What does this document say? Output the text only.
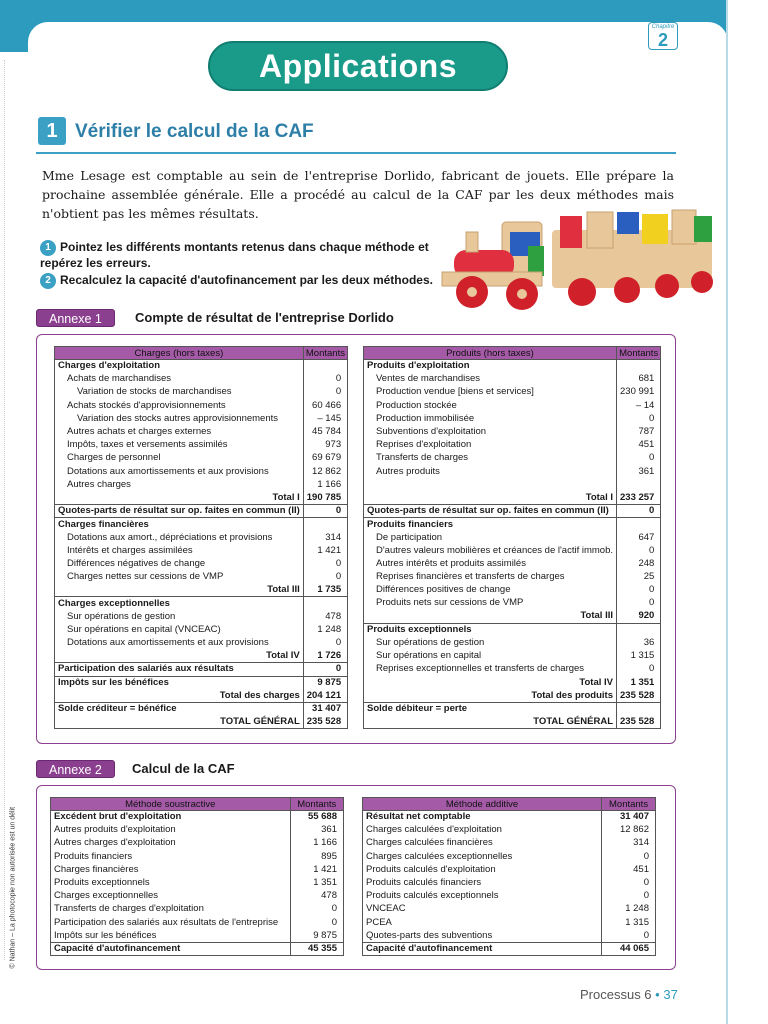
Applications
Chapitre
2
1 Vérifier le calcul de la CAF

Mme Lesage est comptable au sein de l'entreprise Dorlido, fabricant de jouets. Elle prépare la prochaine assemblée générale. Elle a procédé au calcul de la CAF par les deux méthodes mais n'obtient pas les mêmes résultats.

1 Pointez les différents montants retenus dans chaque méthode et repérez les erreurs.
2 Recalculez la capacité d'autofinancement par les deux méthodes.
Annexe 1	Compte de résultat de l'entreprise Dorlido
Charges (hors taxes)	Montants
Charges d'exploitation	
Achats de marchandises	0
Variation de stocks de marchandises	0
Achats stockés d'approvisionnements	60 466
Variation des stocks autres approvisionnements	– 145
Autres achats et charges externes	45 784
Impôts, taxes et versements assimilés	973
Charges de personnel	69 679
Dotations aux amortissements et aux provisions	12 862
Autres charges	1 166
Total I	190 785
Quotes-parts de résultat sur op. faites en commun (II)	0
Charges financières	
Dotations aux amort., dépréciations et provisions	314
Intérêts et charges assimilées	1 421
Différences négatives de change	0
Charges nettes sur cessions de VMP	0
Total III	1 735
Charges exceptionnelles	
Sur opérations de gestion	478
Sur opérations en capital (VNCEAC)	1 248
Dotations aux amortissements et aux provisions	0
Total IV	1 726
Participation des salariés aux résultats	0
Impôts sur les bénéfices	9 875
Total des charges	204 121
Solde créditeur = bénéfice	31 407
TOTAL GÉNÉRAL	235 528
Produits (hors taxes)	Montants
Produits d'exploitation	
Ventes de marchandises	681
Production vendue [biens et services]	230 991
Production stockée	– 14
Production immobilisée	0
Subventions d'exploitation	787
Reprises d'exploitation	451
Transferts de charges	0
Autres produits	361

Total I	233 257
Quotes-parts de résultat sur op. faites en commun (II)	0
Produits financiers	
De participation	647
D'autres valeurs mobilières et créances de l'actif immob.	0
Autres intérêts et produits assimilés	248
Reprises financières et transferts de charges	25
Différences positives de change	0
Produits nets sur cessions de VMP	0
Total III	920
Produits exceptionnels	
Sur opérations de gestion	36
Sur opérations en capital	1 315
Reprises exceptionnelles et transferts de charges	0
Total IV	1 351
Total des produits	235 528
Solde débiteur = perte	
TOTAL GÉNÉRAL	235 528
Annexe 2	Calcul de la CAF
Méthode soustractive	Montants
Excédent brut d'exploitation	55 688
Autres produits d'exploitation	361
Autres charges d'exploitation	1 166
Produits financiers	895
Charges financières	1 421
Produits exceptionnels	1 351
Charges exceptionnelles	478
Transferts de charges d'exploitation	0
Participation des salariés aux résultats de l'entreprise	0
Impôts sur les bénéfices	9 875
Capacité d'autofinancement	45 355
Méthode additive	Montants
Résultat net comptable	31 407
Charges calculées d'exploitation	12 862
Charges calculées financières	314
Charges calculées exceptionnelles	0
Produits calculés d'exploitation	451
Produits calculés financiers	0
Produits calculés exceptionnels	0
VNCEAC	1 248
PCEA	1 315
Quotes-parts des subventions	0
Capacité d'autofinancement	44 065
© Nathan – La photocopie non autorisée est un délit
Processus 6 • 37
